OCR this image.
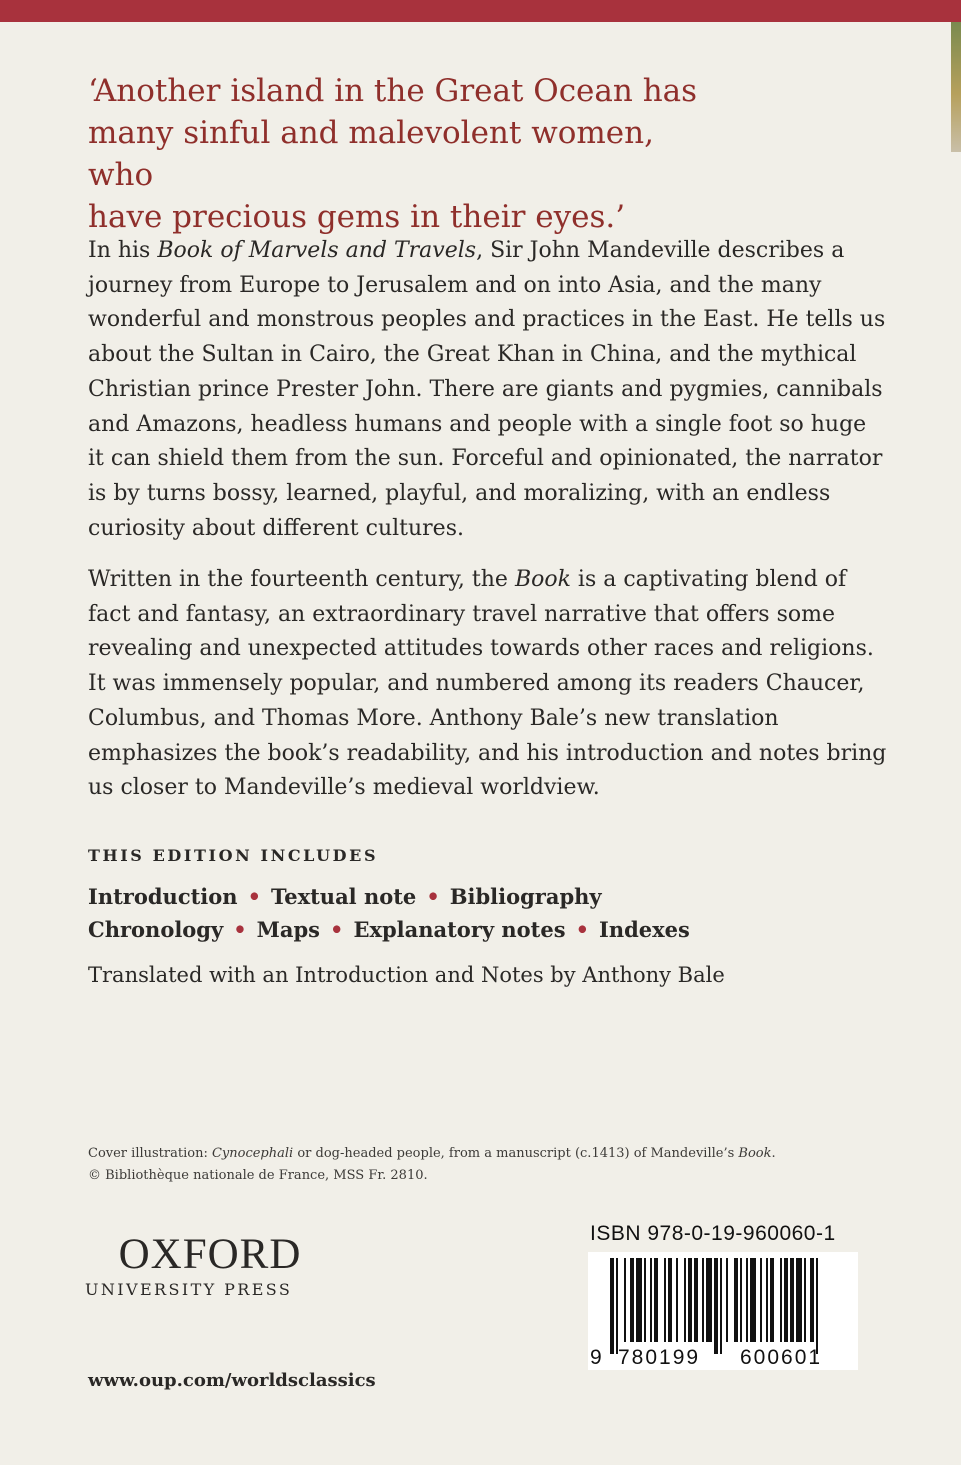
‘Another island in the Great Ocean has
many sinful and malevolent women, who
have precious gems in their eyes.’

In his Book of Marvels and Travels, Sir John Mandeville describes a journey from Europe to Jerusalem and on into Asia, and the many wonderful and monstrous peoples and practices in the East. He tells us about the Sultan in Cairo, the Great Khan in China, and the mythical Christian prince Prester John. There are giants and pygmies, cannibals and Amazons, headless humans and people with a single foot so huge it can shield them from the sun. Forceful and opinionated, the narrator is by turns bossy, learned, playful, and moralizing, with an endless curiosity about different cultures.

Written in the fourteenth century, the Book is a captivating blend of fact and fantasy, an extraordinary travel narrative that offers some revealing and unexpected attitudes towards other races and religions. It was immensely popular, and numbered among its readers Chaucer, Columbus, and Thomas More. Anthony Bale’s new translation emphasizes the book’s readability, and his introduction and notes bring us closer to Mandeville’s medieval worldview.

THIS EDITION INCLUDES
Introduction • Textual note • Bibliography
Chronology • Maps • Explanatory notes • Indexes

Translated with an Introduction and Notes by Anthony Bale

Cover illustration: Cynocephali or dog-headed people, from a manuscript (c.1413) of Mandeville’s Book.
© Bibliothèque nationale de France, MSS Fr. 2810.

OXFORD

UNIVERSITY PRESS

ISBN 978-0-19-960060-1
9 780199 600601

www.oup.com/worldsclassics
